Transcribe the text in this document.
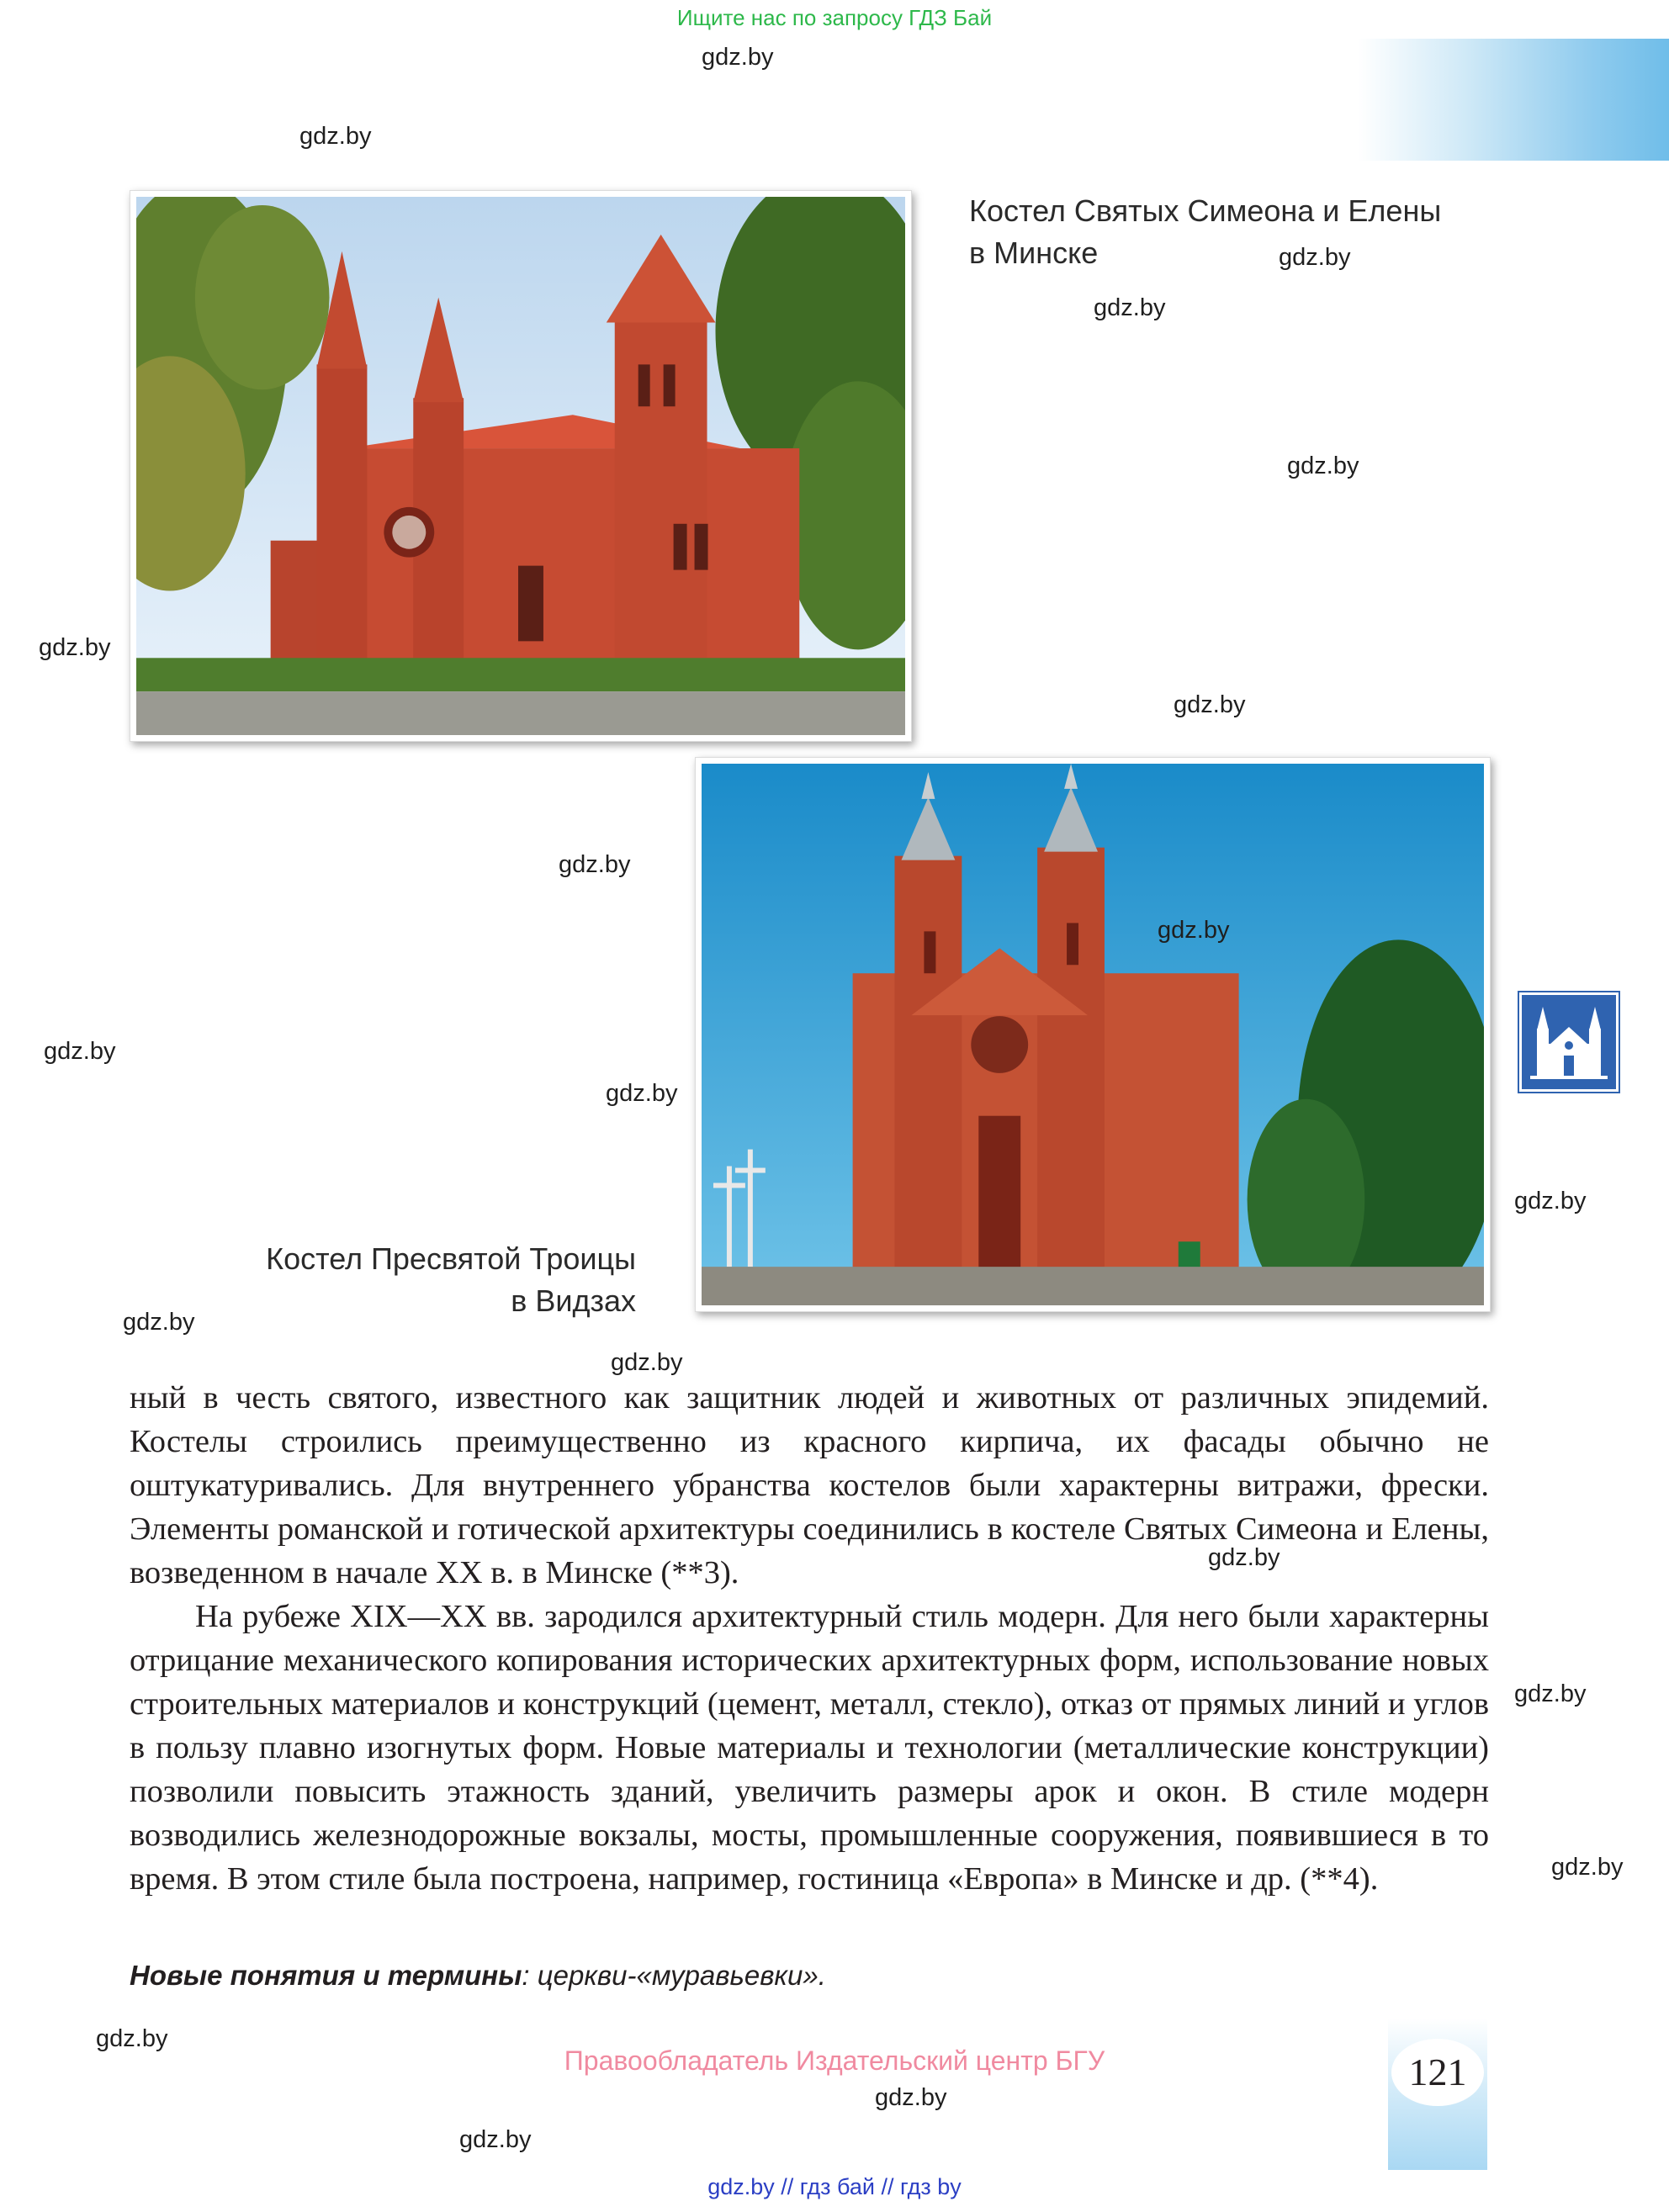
Ищите нас по запросу ГДЗ Бай
Костел Святых Симеона и Елены
в Минске
Костел Пресвятой Троицы
в Видзах

ный в честь святого, известного как защитник людей и животных от различных эпидемий. Костелы строились преимущественно из красного кирпича, их фасады обычно не оштукатуривались. Для внутреннего убранства костелов были характерны витражи, фрески. Элементы романской и готической архитектуры соединились в костеле Святых Симеона и Елены, возведенном в начале XX в. в Минске (**3).

На рубеже XIX—XX вв. зародился архитектурный стиль модерн. Для него были характерны отрицание механического копирования исторических архитектурных форм, использование новых строительных материалов и конструкций (цемент, металл, стекло), отказ от прямых линий и углов в пользу плавно изогнутых форм. Новые материалы и технологии (металлические конструкции) позволили повысить этажность зданий, увеличить размеры арок и окон. В стиле модерн возводились железнодорожные вокзалы, мосты, промышленные сооружения, появившиеся в то время. В этом стиле была построена, например, гостиница «Европа» в Минске и др. (**4).

Новые понятия и термины: церкви-«муравьевки».
121
Правообладатель Издательский центр БГУ
gdz.by // гдз бай // гдз by
gdz.by
gdz.by
gdz.by
gdz.by
gdz.by
gdz.by
gdz.by
gdz.by
gdz.by
gdz.by
gdz.by
gdz.by
gdz.by
gdz.by
gdz.by
gdz.by
gdz.by
gdz.by
gdz.by
gdz.by
